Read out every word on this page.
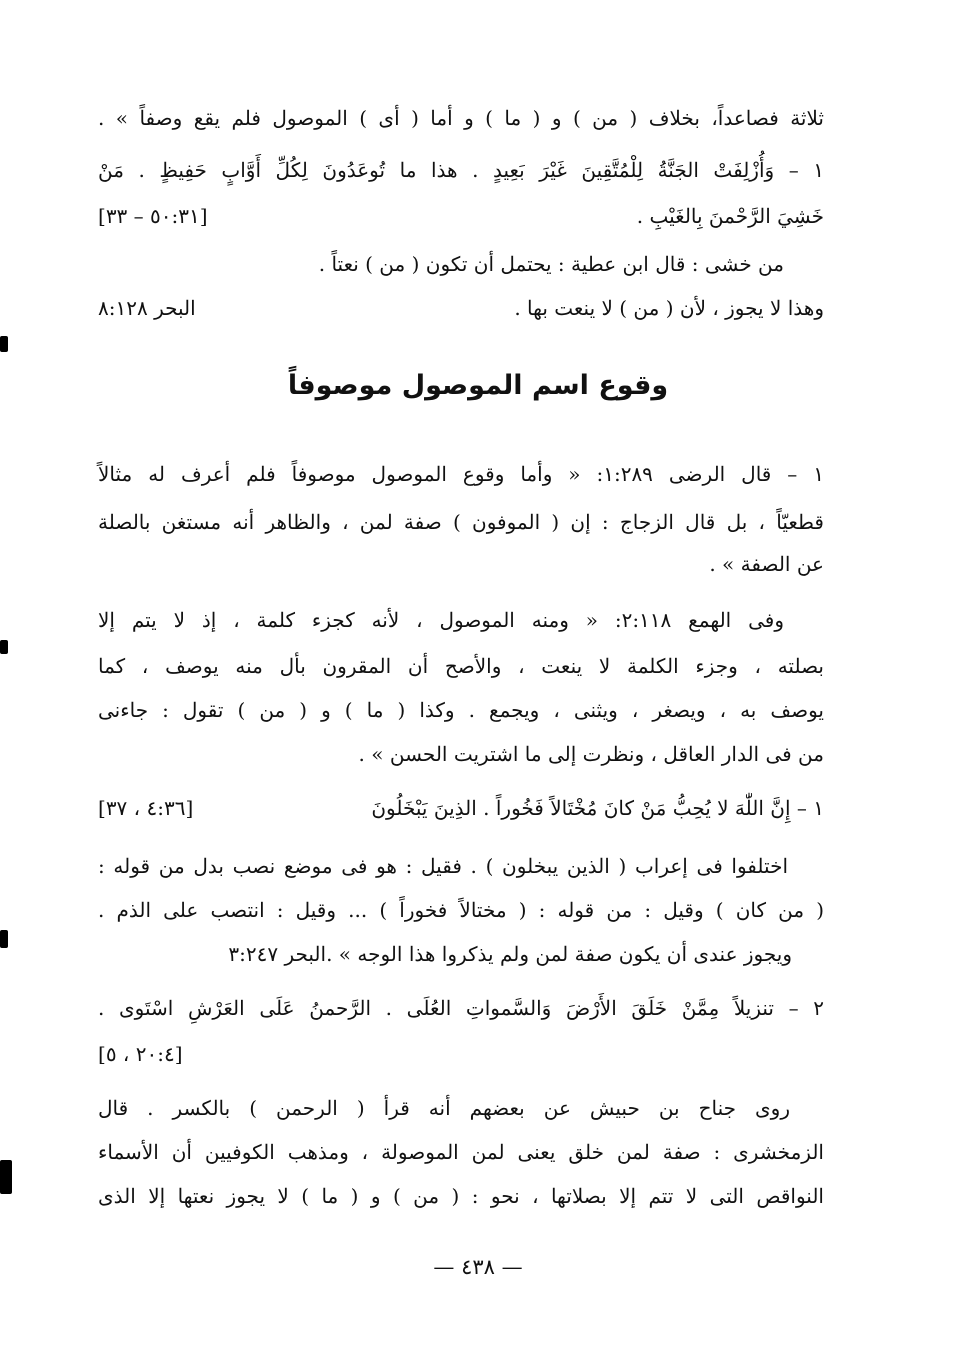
ثلاثة فصاعداً، بخلاف ( من ) و ( ما ) و أما ( أى ) الموصول فلم يقع وصفاً » .
١ – وَأُزْلِفَتْ الجَنَّةُ لِلْمُتَّقِينَ غَيْرَ بَعِيدٍ . هذا ما تُوعَدُونَ لِكُلِّ أَوَّابٍ حَفِيظٍ . مَنْ
خَشِيَ الرَّحْمنَ بِالغَيْبِ .
[٥٠:٣١ – ٣٣]
من خشى : قال ابن عطية : يحتمل أن تكون ( من ) نعتاً .
وهذا لا يجوز ، لأن ( من ) لا ينعت بها .
البحر ٨:١٢٨
وقوع اسم الموصول موصوفاً
١ – قال الرضى ١:٢٨٩: « وأما وقوع الموصول موصوفاً فلم أعرف له مثالاً
قطعيّاً ، بل قال الزجاج : إن ( الموفون ) صفة لمن ، والظاهر أنه مستغن بالصلة
عن الصفة » .
وفى الهمع ٢:١١٨: « ومنه الموصول ، لأنه كجزء كلمة ، إذ لا يتم إلا
بصلته ، وجزء الكلمة لا ينعت ، والأصح أن المقرون بأل منه يوصف ، كما
يوصف به ، ويصغر ، ويثنى ، ويجمع . وكذا ( ما ) و ( من ) تقول : جاءنى
من فى الدار العاقل ، ونظرت إلى ما اشتريت الحسن » .
١ – إِنَّ اللّٰهَ لا يُحِبُّ مَنْ كانَ مُخْتَالاً فَخُوراً . الذِينَ يَبْخَلُونَ
[٤:٣٦ ، ٣٧]
اختلفوا فى إعراب ( الذين يبخلون ) . فقيل : هو فى موضع نصب بدل من قوله :
( من كان ) وقيل : من قوله : ( مختالاً فخوراً ) ... وقيل : انتصب على الذم .
ويجوز عندى أن يكون صفة لمن ولم يذكروا هذا الوجه » .البحر ٣:٢٤٧
٢ – تنزيلاً مِمَّنْ خَلَقَ الأَرْضَ وَالسَّمواتِ العُلَى . الرَّحمنُ عَلَى العَرْشِ اسْتَوى .
[٢٠:٤ ، ٥]
روى جناح بن حبيش عن بعضهم أنه قرأ ( الرحمن ) بالكسر . قال
الزمخشرى : صفة لمن خلق يعنى لمن الموصولة ، ومذهب الكوفيين أن الأسماء
النواقص التى لا تتم إلا بصلاتها ، نحو : ( من ) و ( ما ) لا يجوز نعتها إلا الذى
— ٤٣٨ —
